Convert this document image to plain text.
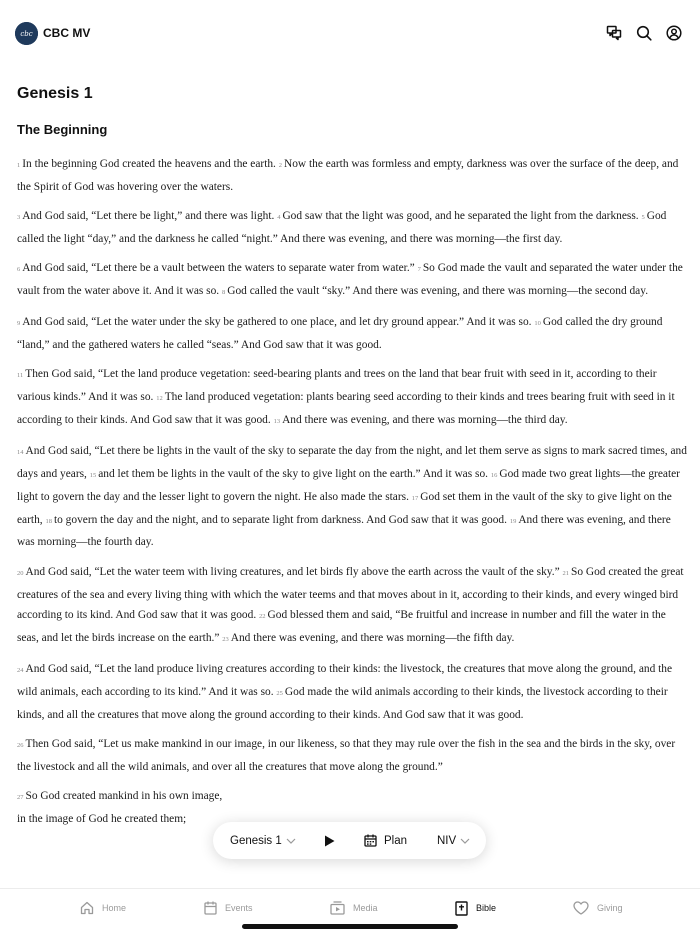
cbc CBC MV
Genesis 1
The Beginning

1 In the beginning God created the heavens and the earth. 2 Now the earth was formless and empty, darkness was over the surface of the deep, and the Spirit of God was hovering over the waters.

3 And God said, “Let there be light,” and there was light. 4 God saw that the light was good, and he separated the light from the darkness. 5 God called the light “day,” and the darkness he called “night.” And there was evening, and there was morning—the first day.

6 And God said, “Let there be a vault between the waters to separate water from water.” 7 So God made the vault and separated the water under the vault from the water above it. And it was so. 8 God called the vault “sky.” And there was evening, and there was morning—the second day.

9 And God said, “Let the water under the sky be gathered to one place, and let dry ground appear.” And it was so. 10 God called the dry ground “land,” and the gathered waters he called “seas.” And God saw that it was good.

11 Then God said, “Let the land produce vegetation: seed-bearing plants and trees on the land that bear fruit with seed in it, according to their various kinds.” And it was so. 12 The land produced vegetation: plants bearing seed according to their kinds and trees bearing fruit with seed in it according to their kinds. And God saw that it was good. 13 And there was evening, and there was morning—the third day.

14 And God said, “Let there be lights in the vault of the sky to separate the day from the night, and let them serve as signs to mark sacred times, and days and years, 15 and let them be lights in the vault of the sky to give light on the earth.” And it was so. 16 God made two great lights—the greater light to govern the day and the lesser light to govern the night. He also made the stars. 17 God set them in the vault of the sky to give light on the earth, 18 to govern the day and the night, and to separate light from darkness. And God saw that it was good. 19 And there was evening, and there was morning—the fourth day.

20 And God said, “Let the water teem with living creatures, and let birds fly above the earth across the vault of the sky.” 21 So God created the great creatures of the sea and every living thing with which the water teems and that moves about in it, according to their kinds, and every winged bird according to its kind. And God saw that it was good. 22 God blessed them and said, “Be fruitful and increase in number and fill the water in the seas, and let the birds increase on the earth.” 23 And there was evening, and there was morning—the fifth day.

24 And God said, “Let the land produce living creatures according to their kinds: the livestock, the creatures that move along the ground, and the wild animals, each according to its kind.” And it was so. 25 God made the wild animals according to their kinds, the livestock according to their kinds, and all the creatures that move along the ground according to their kinds. And God saw that it was good.

26 Then God said, “Let us make mankind in our image, in our likeness, so that they may rule over the fish in the sea and the birds in the sky, over the livestock and all the wild animals, and over all the creatures that move along the ground.”

27 So God created mankind in his own image,
in the image of God he created them;
Genesis 1	Plan	NIV
Home	Events	Media	Bible	Giving
